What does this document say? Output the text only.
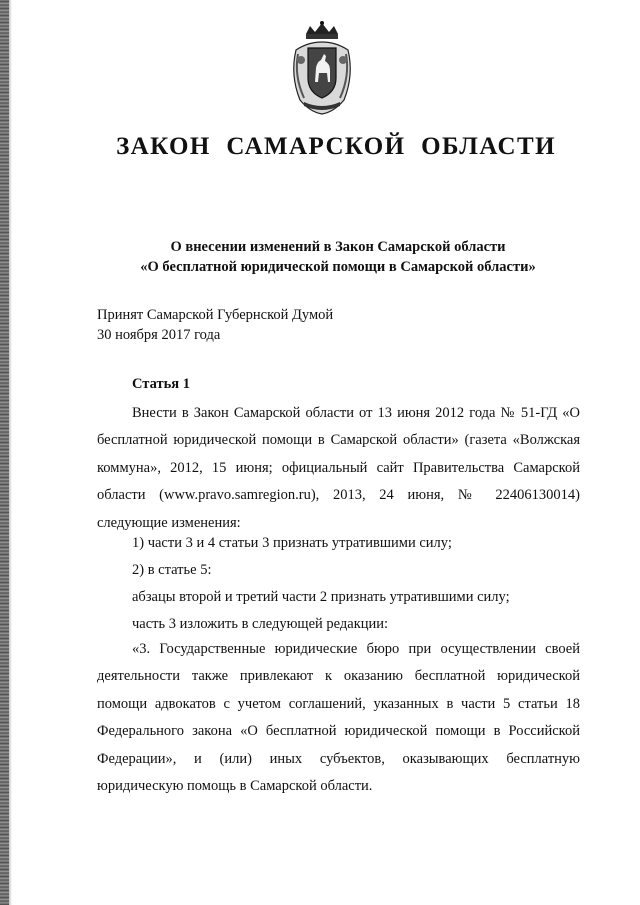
ЗАКОН САМАРСКОЙ ОБЛАСТИ
О внесении изменений в Закон Самарской области
«О бесплатной юридической помощи в Самарской области»
Принят Самарской Губернской Думой
30 ноября 2017 года
Статья 1

Внести в Закон Самарской области от 13 июня 2012 года № 51-ГД «О бесплатной юридической помощи в Самарской области» (газета «Волжская коммуна», 2012, 15 июня; официальный сайт Правительства Самарской области (www.pravo.samregion.ru), 2013, 24 июня, № 22406130014) следующие изменения:

1) части 3 и 4 статьи 3 признать утратившими силу;

2) в статье 5:

абзацы второй и третий части 2 признать утратившими силу;

часть 3 изложить в следующей редакции:

«3. Государственные юридические бюро при осуществлении своей деятельности также привлекают к оказанию бесплатной юридической помощи адвокатов с учетом соглашений, указанных в части 5 статьи 18 Федерального закона «О бесплатной юридической помощи в Российской Федерации», и (или) иных субъектов, оказывающих бесплатную юридическую помощь в Самарской области.
